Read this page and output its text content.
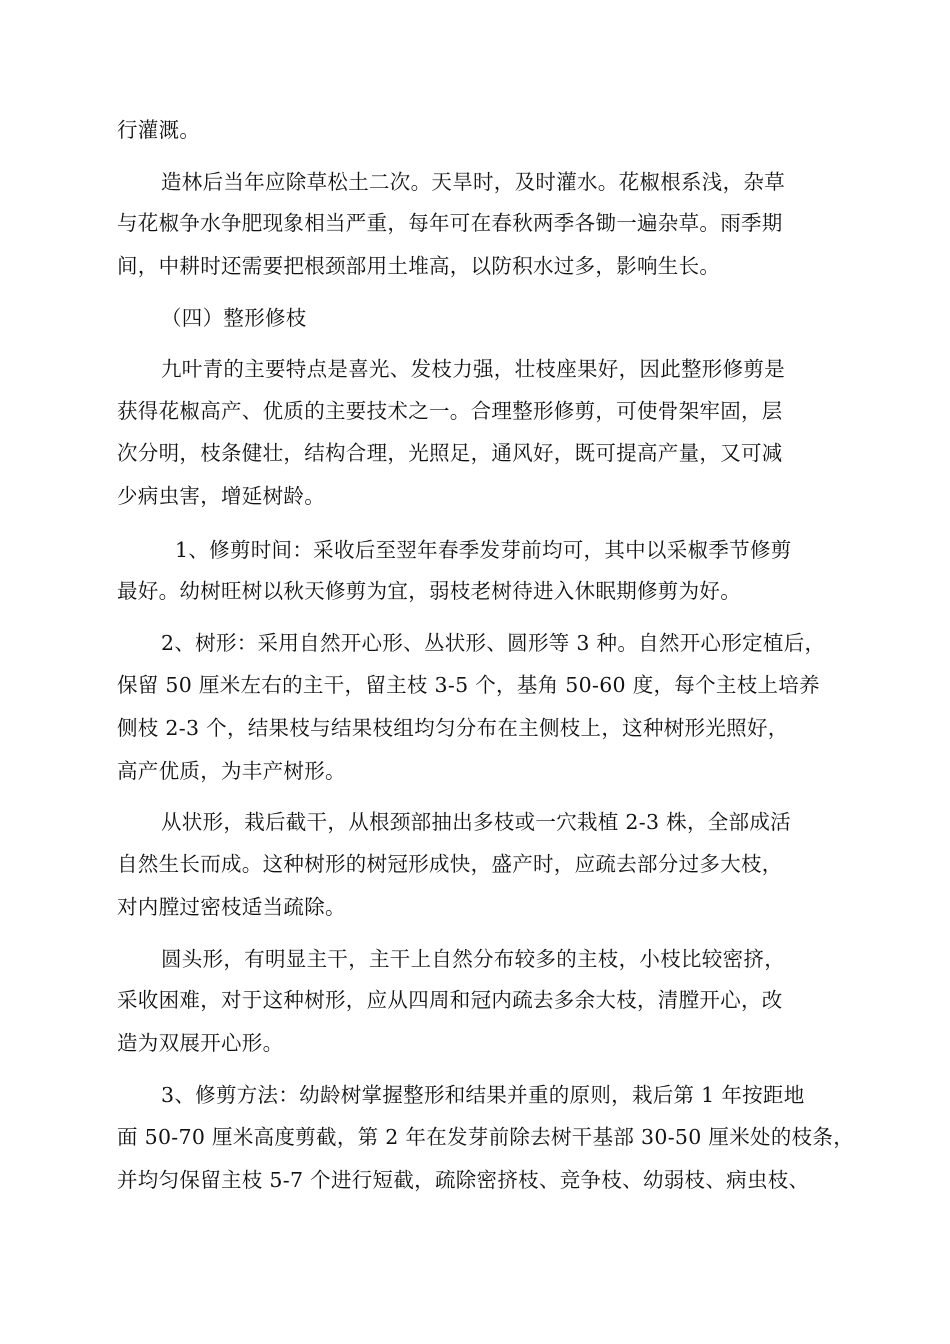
行灌溉。

造林后当年应除草松土二次。天旱时，及时灌水。花椒根系浅，杂草

与花椒争水争肥现象相当严重，每年可在春秋两季各锄一遍杂草。雨季期

间，中耕时还需要把根颈部用土堆高，以防积水过多，影响生长。

（四）整形修枝

九叶青的主要特点是喜光、发枝力强，壮枝座果好，因此整形修剪是

获得花椒高产、优质的主要技术之一。合理整形修剪，可使骨架牢固，层

次分明，枝条健壮，结构合理，光照足，通风好，既可提高产量，又可减

少病虫害，增延树龄。

1、修剪时间：采收后至翌年春季发芽前均可，其中以采椒季节修剪

最好。幼树旺树以秋天修剪为宜，弱枝老树待进入休眠期修剪为好。

2、树形：采用自然开心形、丛状形、圆形等 3 种。自然开心形定植后，

保留 50 厘米左右的主干，留主枝 3-5 个，基角 50-60 度，每个主枝上培养

侧枝 2-3 个，结果枝与结果枝组均匀分布在主侧枝上，这种树形光照好，

高产优质，为丰产树形。

从状形，栽后截干，从根颈部抽出多枝或一穴栽植 2-3 株，全部成活

自然生长而成。这种树形的树冠形成快，盛产时，应疏去部分过多大枝，

对内膛过密枝适当疏除。

圆头形，有明显主干，主干上自然分布较多的主枝，小枝比较密挤，

采收困难，对于这种树形，应从四周和冠内疏去多余大枝，清膛开心，改

造为双展开心形。

3、修剪方法：幼龄树掌握整形和结果并重的原则，栽后第 1 年按距地

面 50-70 厘米高度剪截，第 2 年在发芽前除去树干基部 30-50 厘米处的枝条，

并均匀保留主枝 5-7 个进行短截，疏除密挤枝、竞争枝、幼弱枝、病虫枝、
